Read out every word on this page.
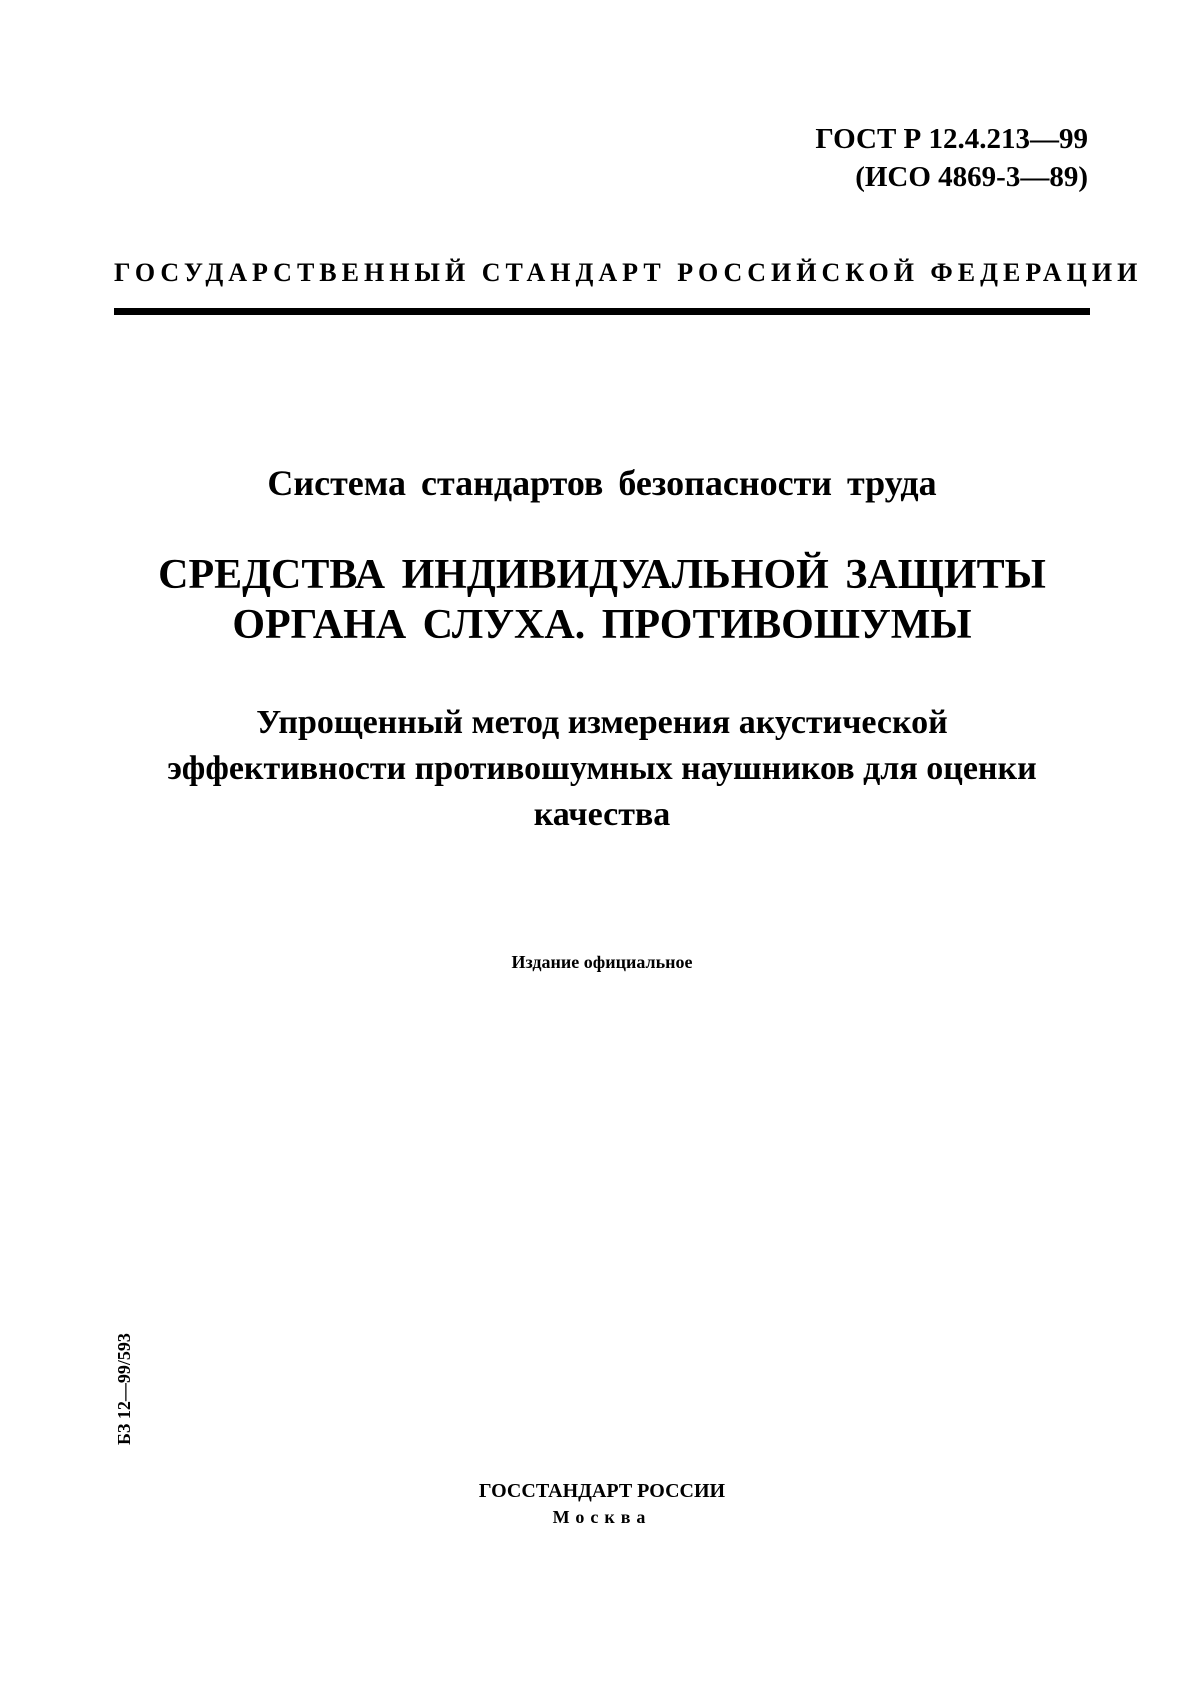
ГОСТ Р 12.4.213—99
(ИСО 4869-3—89)
ГОСУДАРСТВЕННЫЙ СТАНДАРТ РОССИЙСКОЙ ФЕДЕРАЦИИ
Система стандартов безопасности труда
СРЕДСТВА ИНДИВИДУАЛЬНОЙ ЗАЩИТЫ
ОРГАНА СЛУХА. ПРОТИВОШУМЫ
Упрощенный метод измерения акустической
эффективности противошумных наушников для оценки
качества
Издание официальное
БЗ 12—99/593
ГОССТАНДАРТ РОССИИ
Москва
